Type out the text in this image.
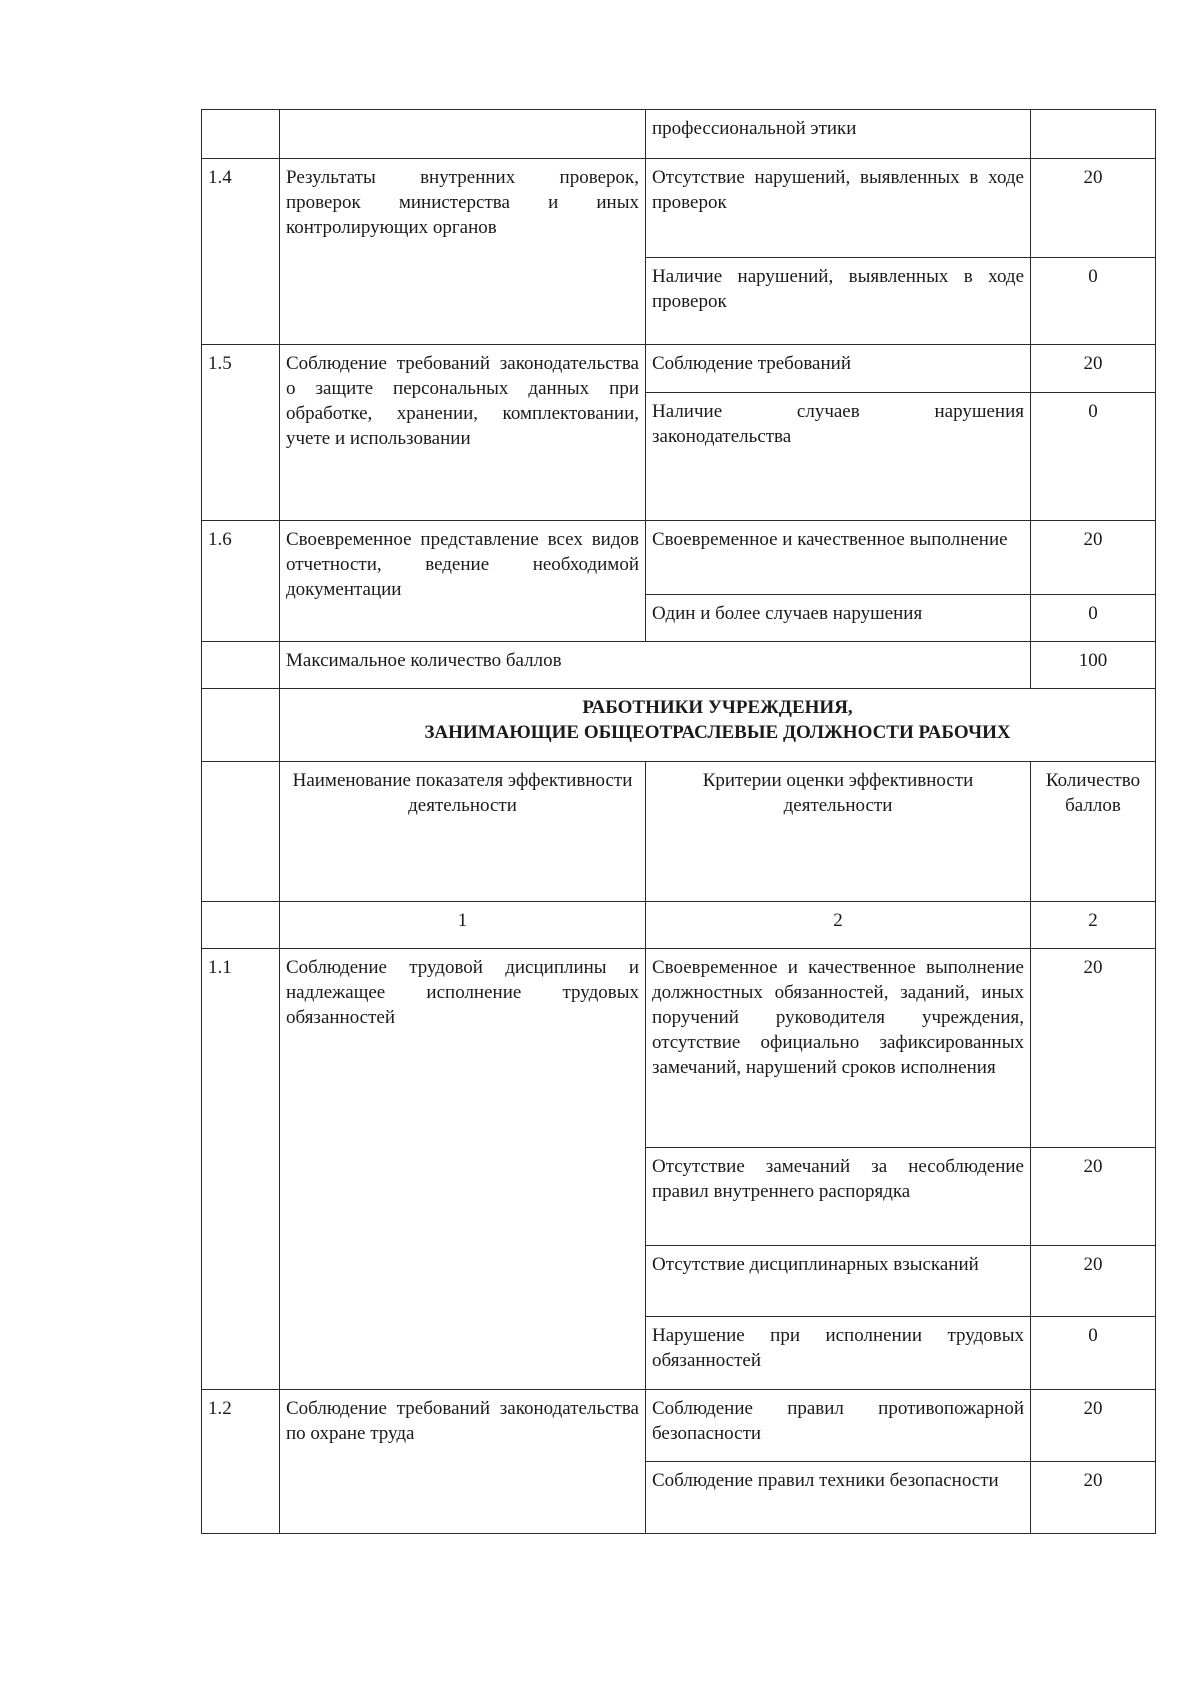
		профессиональной этики	
1.4	Результаты внутренних проверок, проверок министерства и иных контролирующих органов	Отсутствие нарушений, выявленных в ходе проверок	20
		Наличие нарушений, выявленных в ходе проверок	0
1.5	Соблюдение требований законодательства о защите персональных данных при обработке, хранении, комплектовании, учете и использовании	Соблюдение требований	20
		Наличие случаев нарушения законодательства	0
1.6	Своевременное представление всех видов отчетности, ведение необходимой документации	Своевременное и качественное выполнение	20
		Один и более случаев нарушения	0
	Максимальное количество баллов		100

	РАБОТНИКИ УЧРЕЖДЕНИЯ,
ЗАНИМАЮЩИЕ ОБЩЕОТРАСЛЕВЫЕ ДОЛЖНОСТИ РАБОЧИХ		

	Наименование показателя эффективности деятельности	Критерии оценки эффективности деятельности	Количество баллов
	1	2	2
1.1	Соблюдение трудовой дисциплины и надлежащее исполнение трудовых обязанностей	Своевременное и качественное выполнение должностных обязанностей, заданий, иных поручений руководителя учреждения, отсутствие официально зафиксированных замечаний, нарушений сроков исполнения	20
		Отсутствие замечаний за несоблюдение правил внутреннего распорядка	20
		Отсутствие дисциплинарных взысканий	20
		Нарушение при исполнении трудовых обязанностей	0
1.2	Соблюдение требований законодательства по охране труда	Соблюдение правил противопожарной безопасности	20
		Соблюдение правил техники безопасности	20
